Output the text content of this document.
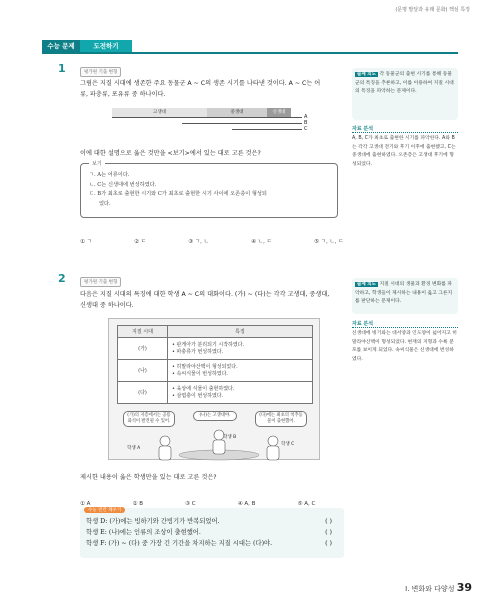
(문명 발달과 유래 문화) 핵심 특징
수능 문제	도전하기
1	평가원 기출 변형
그림은 지질 시대에 생존한 주요 동물군 A ~ C의 생존 시기를 나타낸 것이다. A ~ C는 어
류, 파충류, 포유류 중 하나이다.
고생대	중생대	신생대
A
B
C
이에 대한 설명으로 옳은 것만을 <보기>에서 있는 대로 고른 것은?
보기
ㄱ. A는 어류이다.
ㄴ. C는 신생대에 번성하였다.
ㄷ. B가 최초로 출현한 시기와 C가 최초로 출현한 시기 사이에 오존층이 형성되
었다.
① ㄱ	② ㄷ	③ ㄱ, ㄴ	④ ㄴ, ㄷ	⑤ ㄱ, ㄴ, ㄷ
출제 의도 각 동물군의 출현 시기를 통해 동물군의 특징을 추론하고, 이를 이용하여 지질 시대의 특징을 파악하는 문제이다.
자료 분석
A, B, C가 최초로 출현한 시기를 파악한다. A와 B는 각각 고생대 전기와 후기 이후에 출현했고, C는 중생대에 출현하였다. 오존층은 고생대 후기에 형성되었다.
2	평가원 기출 변형
다음은 지질 시대의 특징에 대한 학생 A ~ C의 대화이다. (가) ~ (다)는 각각 고생대, 중생대,
신생대 중 하나이다.
지질 시대	특징
(가)	• 판게아가 분리되기 시작하였다.
• 파충류가 번성하였다.

(나)	• 히말라야산맥이 형성되었다.
• 속씨식물이 번성하였다.

(다)	• 육상에 식물이 출현하였다.
• 삼엽충이 번성하였다.
(가)의 지층에서는 공룡 화석이 발견될 수 있어.
(나)는 고생대야.	(다)에는 최초의 척추동물이 출현했어.
학생 A
학생 B
학생 C
제시한 내용이 옳은 학생만을 있는 대로 고른 것은?
① A	② B	③ C	④ A, B	⑤ A, C
수능 빈칸 채우기
학생 D: (가)에는 빙하기와 간빙기가 반복되었어.	( )
학생 E: (나)에는 인류의 조상이 출현했어.	( )
학생 F: (가) ~ (다) 중 가장 긴 기간을 차지하는 지질 시대는 (다)야.	( )
출제 의도 지질 시대의 생물과 환경 변화를 파악하고, 학생들이 제시하는 내용이 옳고 그른지를 판단하는 문제이다.
자료 분석
신생대에 빙기와는 대서양과 인도양이 넓어지고 히말라야산맥이 형성되었다. 현재의 지형과 수륙 분포를 보이게 되었다. 속씨식물은 신생대에 번성하였다.
I. 변화와 다양성 39
